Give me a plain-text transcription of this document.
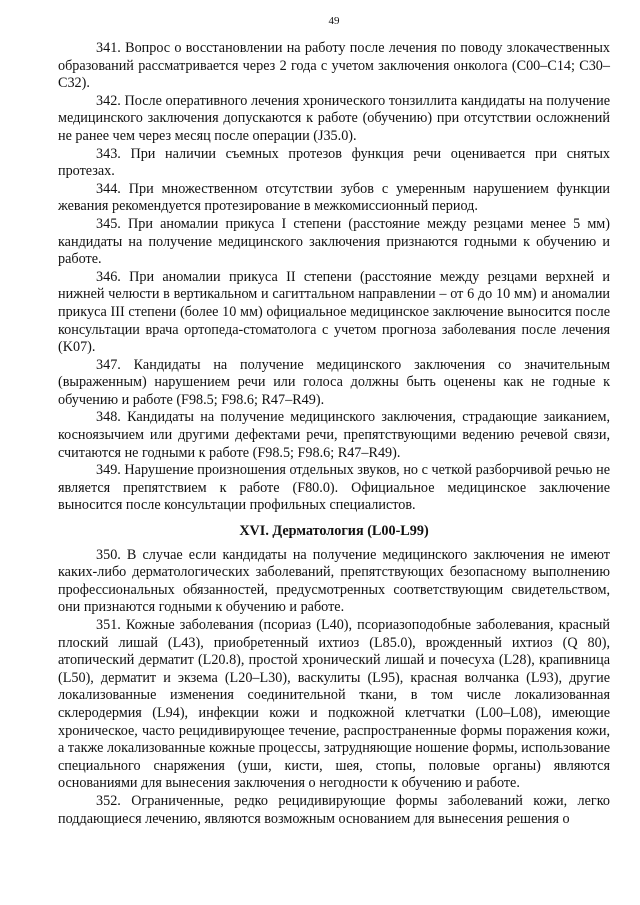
49

341. Вопрос о восстановлении на работу после лечения по поводу злокачественных образований рассматривается через 2 года с учетом заключения онколога (C00–C14; C30–C32).

342. После оперативного лечения хронического тонзиллита кандидаты на получение медицинского заключения допускаются к работе (обучению) при отсутствии осложнений не ранее чем через месяц после операции (J35.0).

343. При наличии съемных протезов функция речи оценивается при снятых протезах.

344. При множественном отсутствии зубов с умеренным нарушением функции жевания рекомендуется протезирование в межкомиссионный период.

345. При аномалии прикуса I степени (расстояние между резцами менее 5 мм) кандидаты на получение медицинского заключения признаются годными к обучению и работе.

346. При аномалии прикуса II степени (расстояние между резцами верхней и нижней челюсти в вертикальном и сагиттальном направлении – от 6 до 10 мм) и аномалии прикуса III степени (более 10 мм) официальное медицинское заключение выносится после консультации врача ортопеда-стоматолога с учетом прогноза заболевания после лечения (K07).

347. Кандидаты на получение медицинского заключения со значительным (выраженным) нарушением речи или голоса должны быть оценены как не годные к обучению и работе (F98.5; F98.6; R47–R49).

348. Кандидаты на получение медицинского заключения, страдающие заиканием, косноязычием или другими дефектами речи, препятствующими ведению речевой связи, считаются не годными к работе (F98.5; F98.6; R47–R49).

349. Нарушение произношения отдельных звуков, но с четкой разборчивой речью не является препятствием к работе (F80.0). Официальное медицинское заключение выносится после консультации профильных специалистов.

XVI. Дерматология (L00-L99)

350. В случае если кандидаты на получение медицинского заключения не имеют каких-либо дерматологических заболеваний, препятствующих безопасному выполнению профессиональных обязанностей, предусмотренных соответствующим свидетельством, они признаются годными к обучению и работе.

351. Кожные заболевания (псориаз (L40), псориазоподобные заболевания, красный плоский лишай (L43), приобретенный ихтиоз (L85.0), врожденный ихтиоз (Q 80), атопический дерматит (L20.8), простой хронический лишай и почесуха (L28), крапивница (L50), дерматит и экзема (L20–L30), васкулиты (L95), красная волчанка (L93), другие локализованные изменения соединительной ткани, в том числе локализованная склеродермия (L94), инфекции кожи и подкожной клетчатки (L00–L08), имеющие хроническое, часто рецидивирующее течение, распространенные формы поражения кожи, а также локализованные кожные процессы, затрудняющие ношение формы, использование специального снаряжения (уши, кисти, шея, стопы, половые органы) являются основаниями для вынесения заключения о негодности к обучению и работе.

352. Ограниченные, редко рецидивирующие формы заболеваний кожи, легко поддающиеся лечению, являются возможным основанием для вынесения решения о
